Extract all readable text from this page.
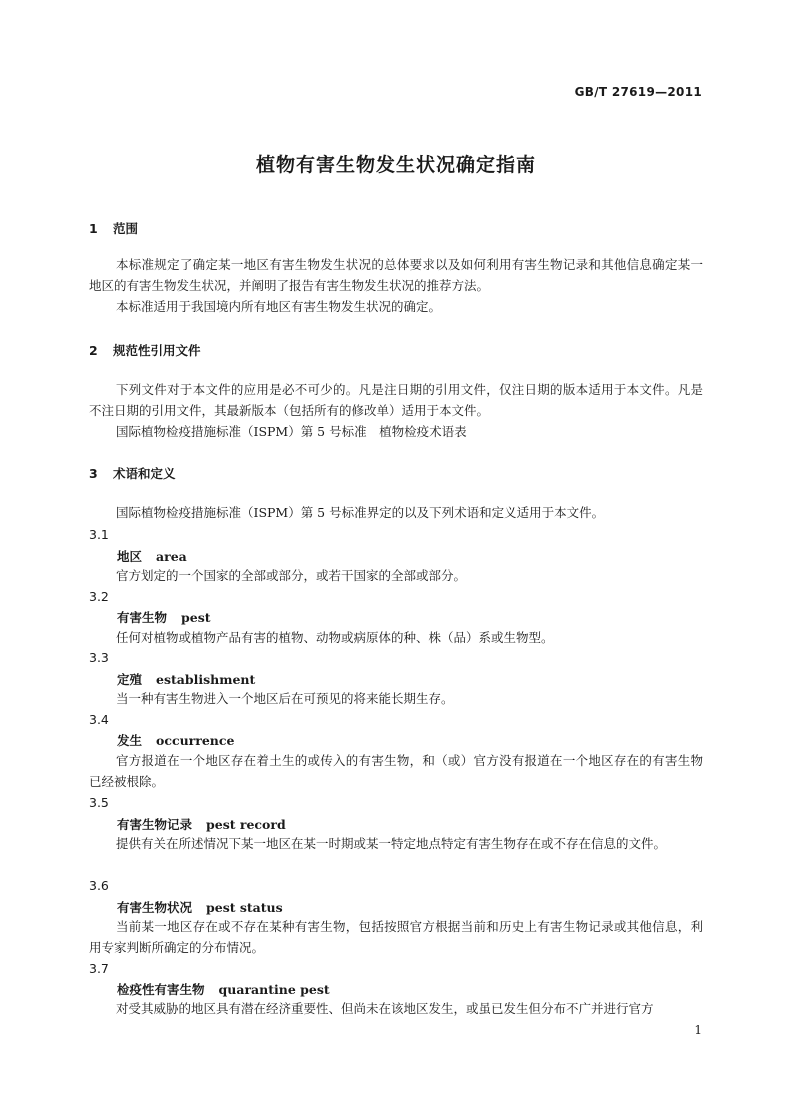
GB/T 27619—2011
植物有害生物发生状况确定指南
1 范围

本标准规定了确定某一地区有害生物发生状况的总体要求以及如何利用有害生物记录和其他信息确定某一地区的有害生物发生状况，并阐明了报告有害生物发生状况的推荐方法。

本标准适用于我国境内所有地区有害生物发生状况的确定。

2 规范性引用文件

下列文件对于本文件的应用是必不可少的。凡是注日期的引用文件，仅注日期的版本适用于本文件。凡是不注日期的引用文件，其最新版本（包括所有的修改单）适用于本文件。

国际植物检疫措施标准（ISPM）第 5 号标准　植物检疫术语表

3 术语和定义

国际植物检疫措施标准（ISPM）第 5 号标准界定的以及下列术语和定义适用于本文件。

3.1
地区 area

官方划定的一个国家的全部或部分，或若干国家的全部或部分。

3.2
有害生物 pest

任何对植物或植物产品有害的植物、动物或病原体的种、株（品）系或生物型。

3.3
定殖 establishment

当一种有害生物进入一个地区后在可预见的将来能长期生存。

3.4
发生 occurrence

官方报道在一个地区存在着土生的或传入的有害生物，和（或）官方没有报道在一个地区存在的有害生物已经被根除。

3.5
有害生物记录 pest record

提供有关在所述情况下某一地区在某一时期或某一特定地点特定有害生物存在或不存在信息的文件。

3.6
有害生物状况 pest status

当前某一地区存在或不存在某种有害生物，包括按照官方根据当前和历史上有害生物记录或其他信息，利用专家判断所确定的分布情况。

3.7
检疫性有害生物 quarantine pest

对受其威胁的地区具有潜在经济重要性、但尚未在该地区发生，或虽已发生但分布不广并进行官方

1
